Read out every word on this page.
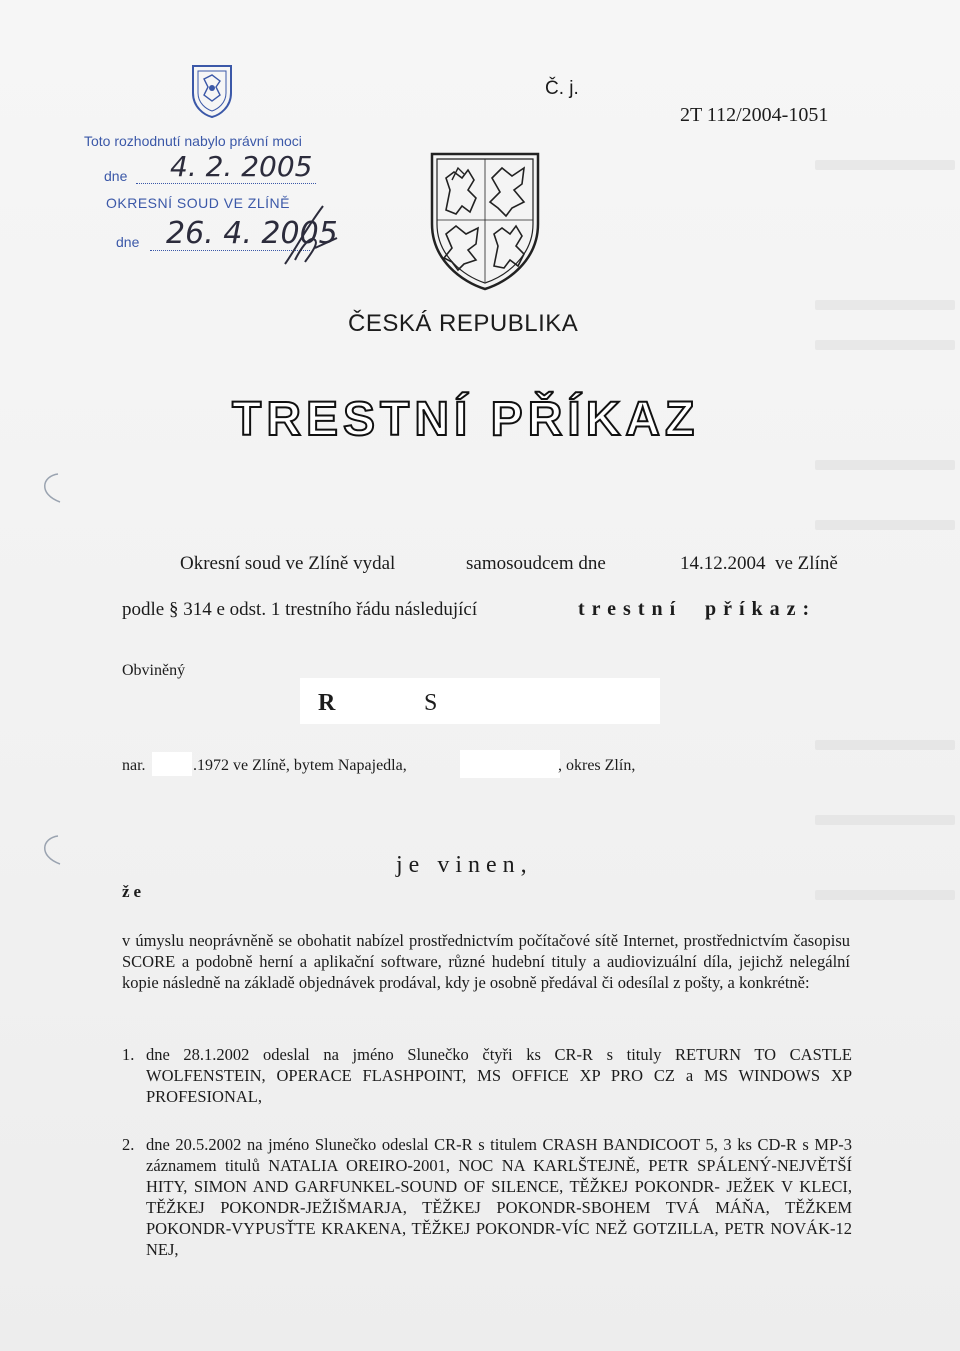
Toto rozhodnutí nabylo právní moci
dne
OKRESNÍ SOUD VE ZLÍNĚ
dne
4. 2. 2005
26. 4. 2005
Č. j.
2T 112/2004-1051
ČESKÁ REPUBLIKA
TRESTNÍ PŘÍKAZ
Okresní soud ve Zlíně vydal	samosoudcem dne	14.12.2004 ve Zlíně
podle § 314 e odst. 1 trestního řádu následující	trestní příkaz:
Obviněný
R	S
nar.	.1972 ve Zlíně, bytem Napajedla,	, okres Zlín,
je vinen,
že
v úmyslu neoprávněně se obohatit nabízel prostřednictvím počítačové sítě Internet, prostřednictvím časopisu SCORE a podobně herní a aplikační software, různé hudební tituly a audiovizuální díla, jejichž nelegální kopie následně na základě objednávek prodával, kdy je osobně předával či odesílal z pošty, a konkrétně:
1. dne 28.1.2002 odeslal na jméno Slunečko čtyři ks CR-R s tituly RETURN TO CASTLE WOLFENSTEIN, OPERACE FLASHPOINT, MS OFFICE XP PRO CZ a MS WINDOWS XP PROFESIONAL,
2. dne 20.5.2002 na jméno Slunečko odeslal CR-R s titulem CRASH BANDICOOT 5, 3 ks CD-R s MP-3 záznamem titulů NATALIA OREIRO-2001, NOC NA KARLŠTEJNĚ, PETR SPÁLENÝ-NEJVĚTŠÍ HITY, SIMON AND GARFUNKEL-SOUND OF SILENCE, TĚŽKEJ POKONDR- JEŽEK V KLECI, TĚŽKEJ POKONDR-JEŽIŠMARJA, TĚŽKEJ POKONDR-SBOHEM TVÁ MÁŇA, TĚŽKEM POKONDR-VYPUSŤTE KRAKENA, TĚŽKEJ POKONDR-VÍC NEŽ GOTZILLA, PETR NOVÁK-12 NEJ,
